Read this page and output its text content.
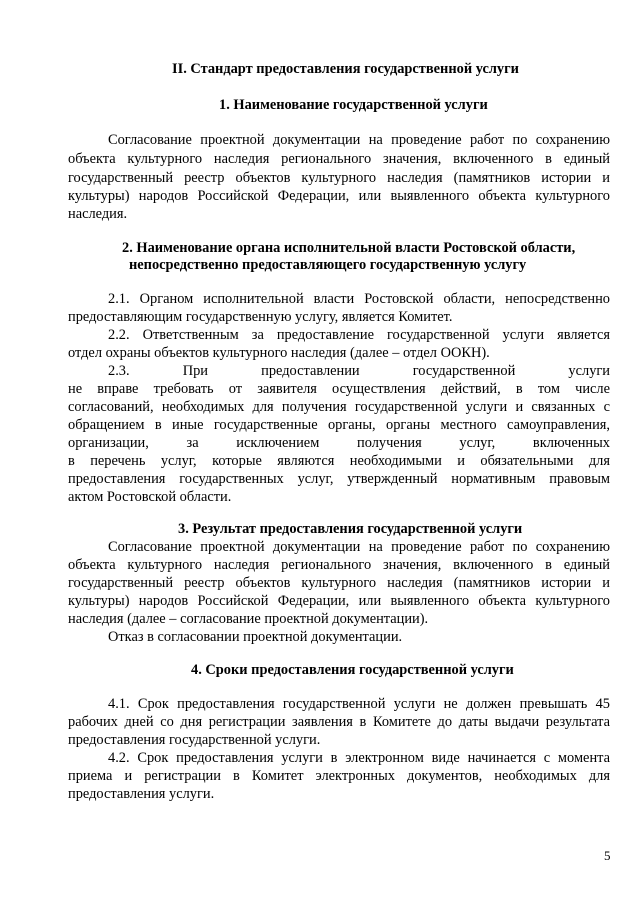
II. Стандарт предоставления государственной услуги
1. Наименование государственной услуги
Согласование проектной документации на проведение работ по сохранению
объекта культурного наследия регионального значения, включенного в единый
государственный реестр объектов культурного наследия (памятников истории и
культуры) народов Российской Федерации, или выявленного объекта культурного
наследия.
2. Наименование органа исполнительной власти Ростовской области,
непосредственно предоставляющего государственную услугу
2.1. Органом исполнительной власти Ростовской области, непосредственно
предоставляющим государственную услугу, является Комитет.
2.2. Ответственным за предоставление государственной услуги является
отдел охраны объектов культурного наследия (далее – отдел ООКН).
2.3. При предоставлении государственной услуги
не вправе требовать от заявителя осуществления действий, в том числе
согласований, необходимых для получения государственной услуги и связанных с
обращением в иные государственные органы, органы местного самоуправления,
организации, за исключением получения услуг, включенных
в перечень услуг, которые являются необходимыми и обязательными для
предоставления государственных услуг, утвержденный нормативным правовым
актом Ростовской области.
3. Результат предоставления государственной услуги
Согласование проектной документации на проведение работ по сохранению
объекта культурного наследия регионального значения, включенного в единый
государственный реестр объектов культурного наследия (памятников истории и
культуры) народов Российской Федерации, или выявленного объекта культурного
наследия (далее – согласование проектной документации).
Отказ в согласовании проектной документации.
4. Сроки предоставления государственной услуги
4.1. Срок предоставления государственной услуги не должен превышать 45
рабочих дней со дня регистрации заявления в Комитете до даты выдачи результата
предоставления государственной услуги.
4.2. Срок предоставления услуги в электронном виде начинается с момента
приема и регистрации в Комитет электронных документов, необходимых для
предоставления услуги.
5
